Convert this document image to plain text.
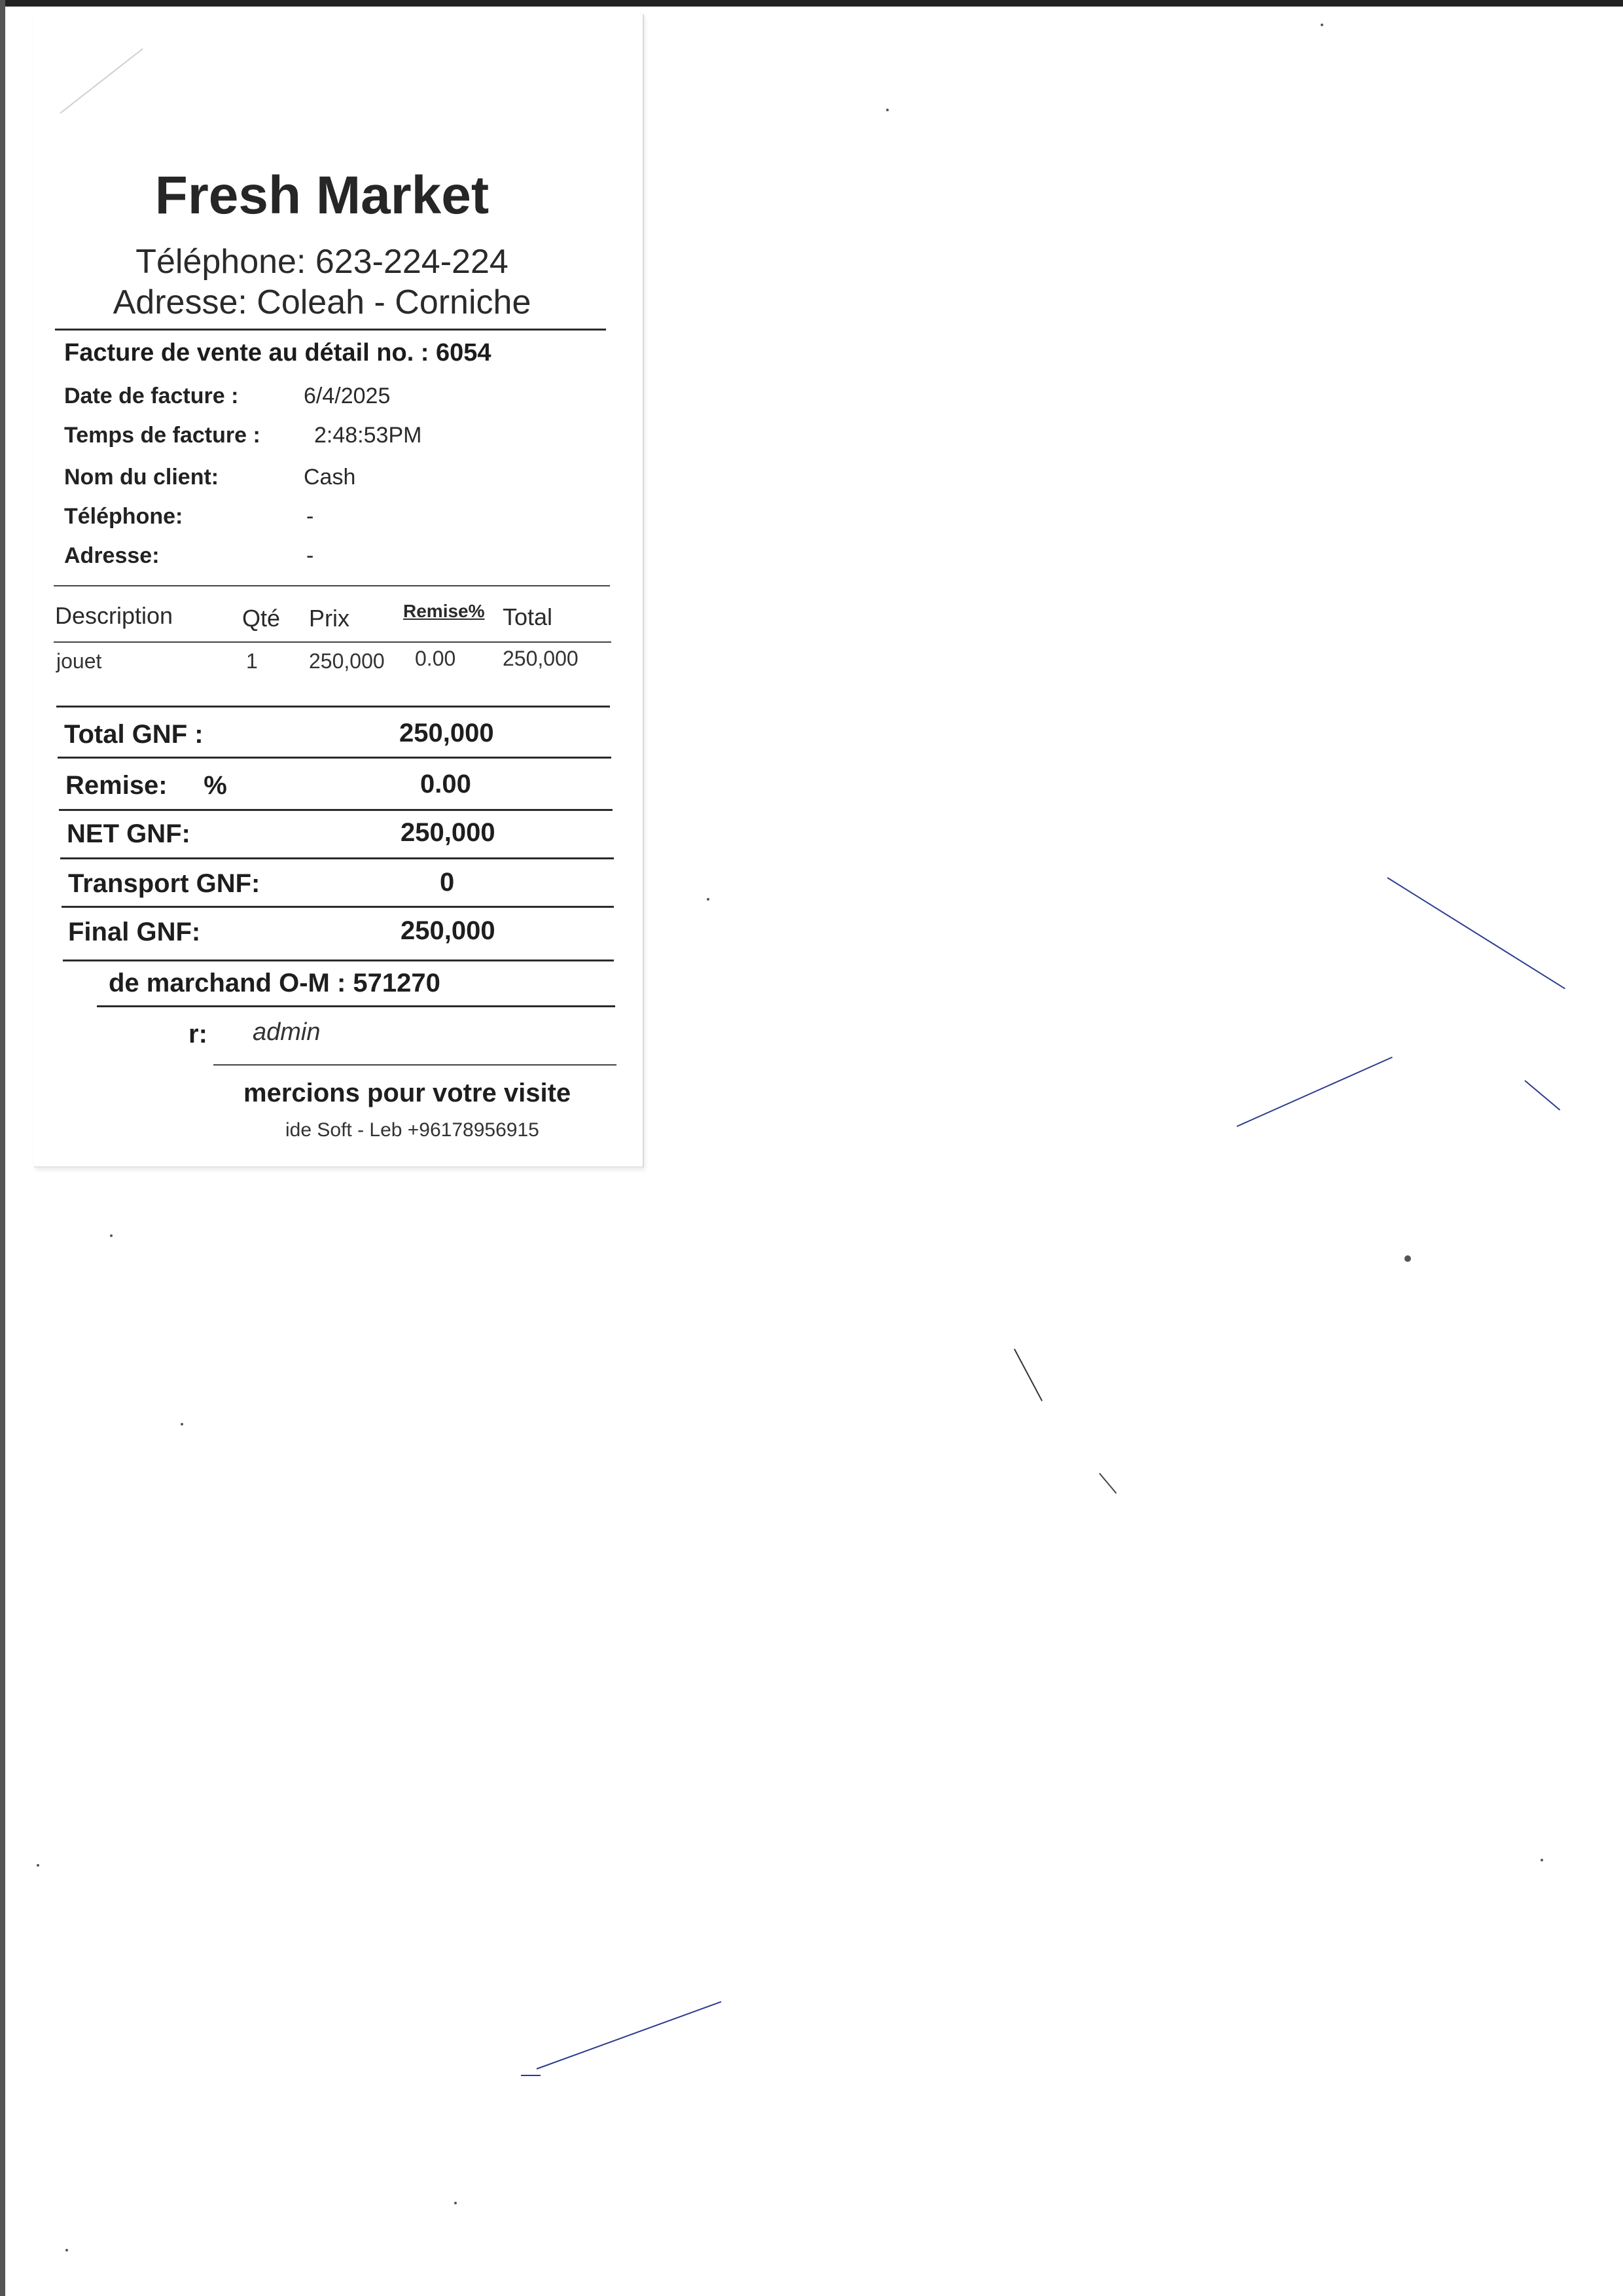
Fresh Market
Téléphone: 623-224-224
Adresse: Coleah - Corniche
Facture de vente au détail no. : 6054
Date de facture :	6/4/2025
Temps de facture : 2:48:53PM
Nom du client:	Cash
Téléphone:	-
Adresse:	-
Description	Qté Prix	Remise% Total
jouet	1 250,000 0.00 250,000
Total GNF :	250,000
Remise:     %	0.00
NET GNF:	250,000
Transport GNF:	0
Final GNF:	250,000
de marchand O-M : 571270
r: admin
mercions pour votre visite
ide Soft - Leb +96178956915
